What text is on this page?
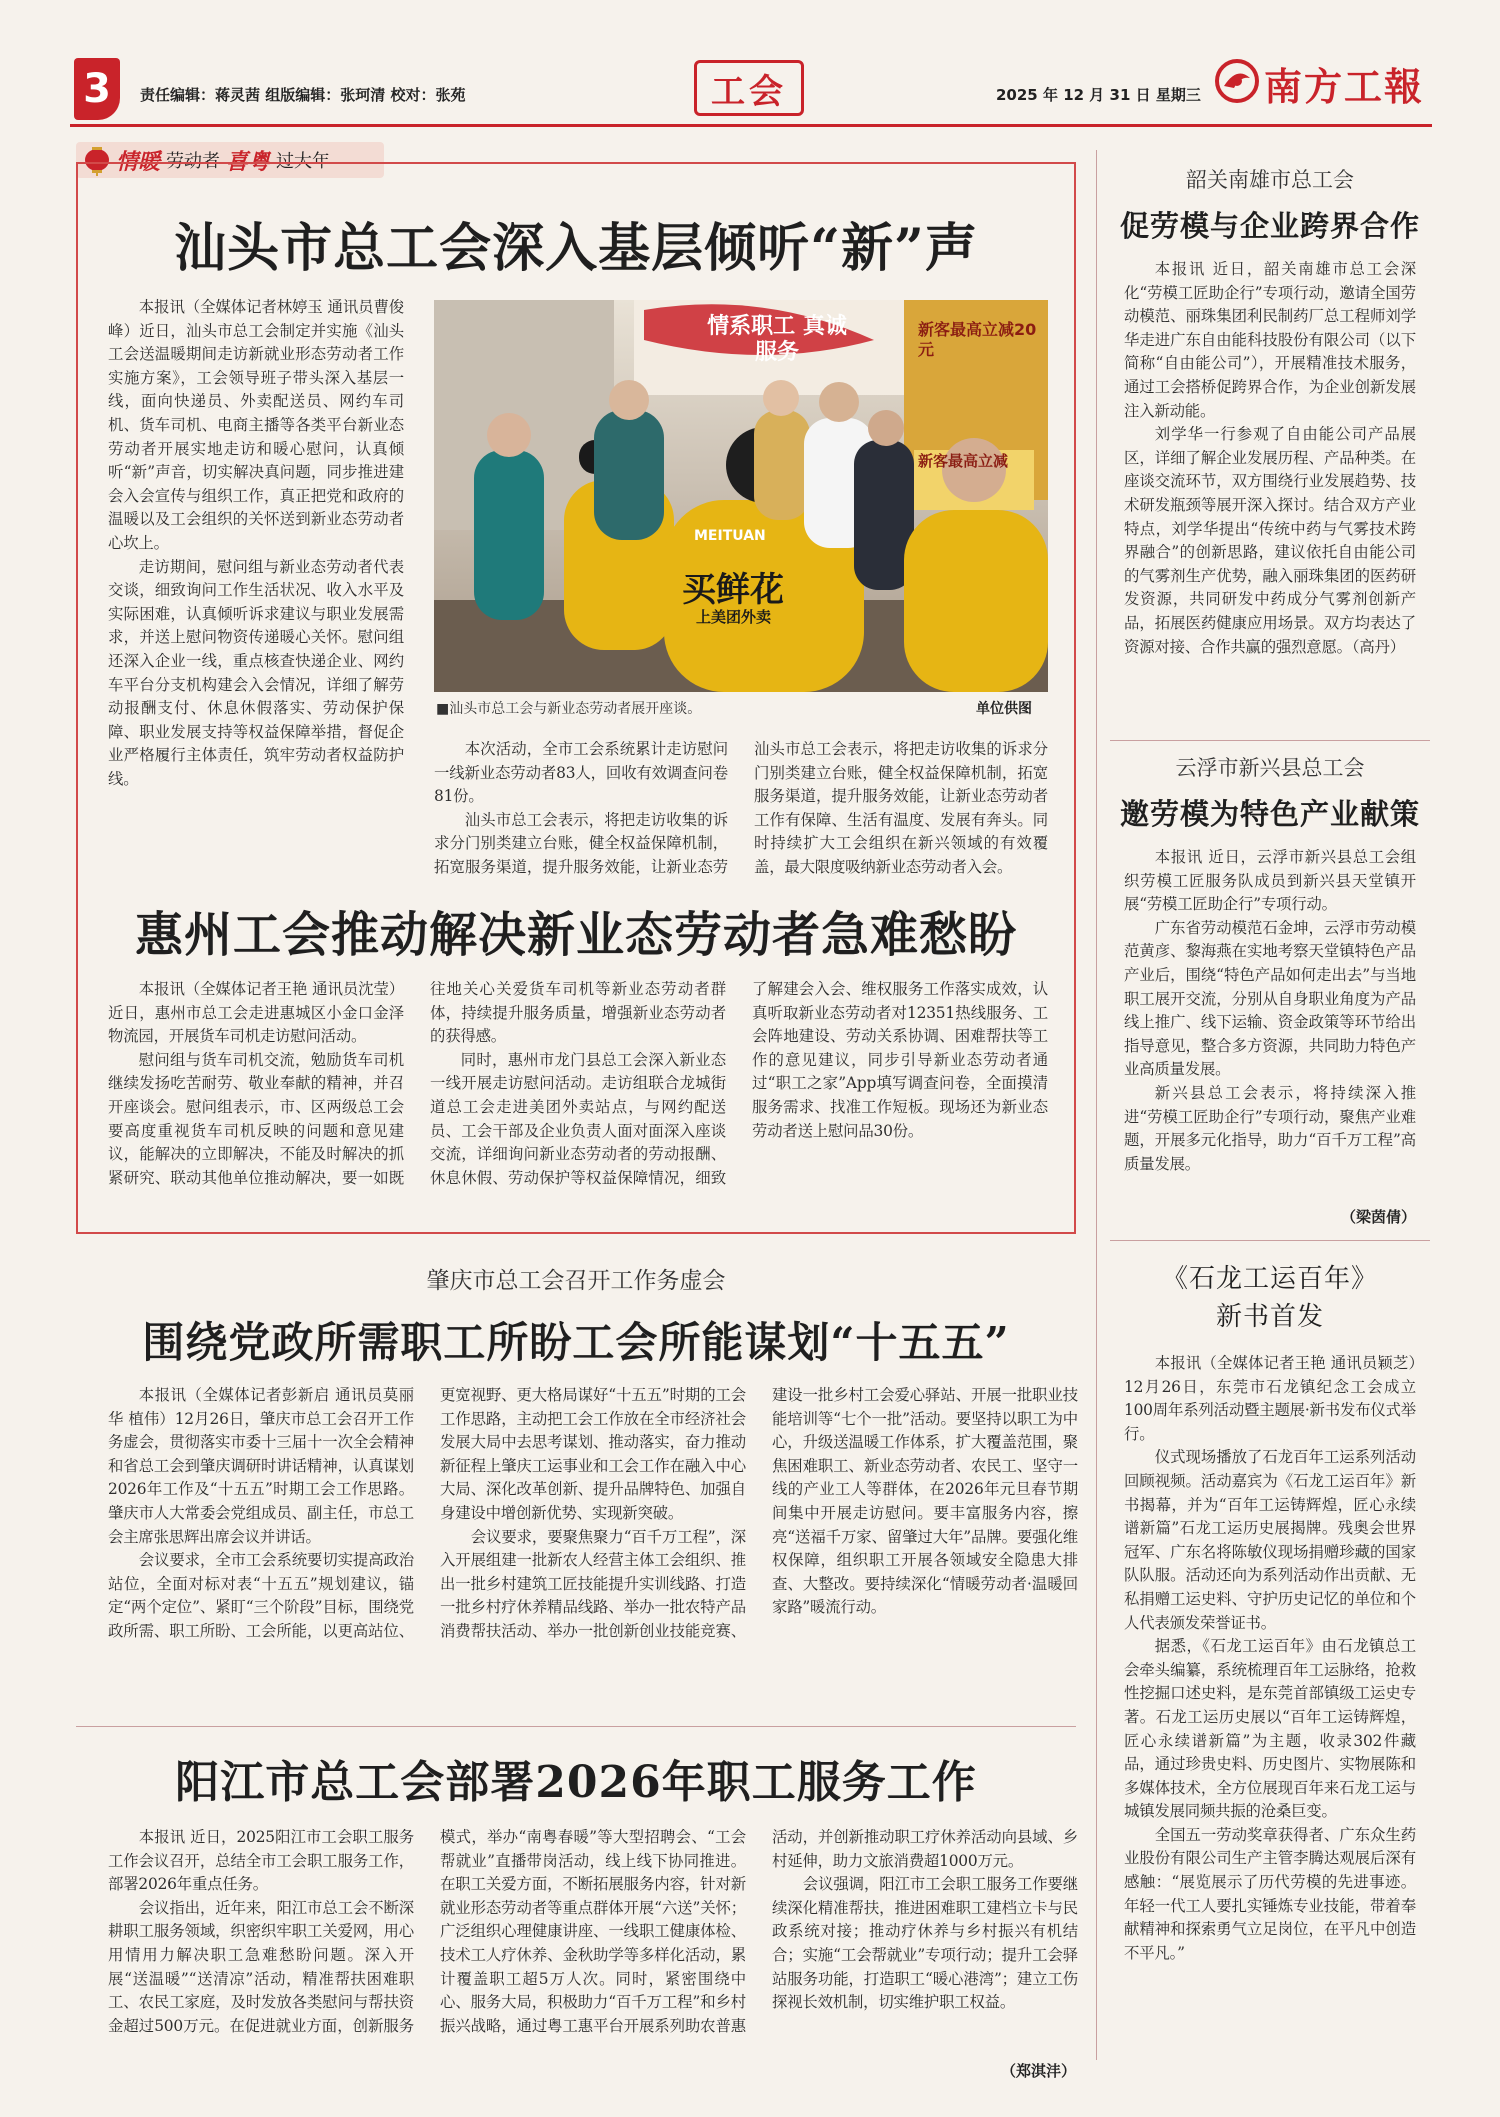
3 责任编辑：蒋灵茜 组版编辑：张珂清 校对：张苑	工会	2025 年 12 月 31 日 星期三 南方工報
情暖 劳动者 喜粤 过大年
汕头市总工会深入基层倾听“新”声

本报讯（全媒体记者林婷玉 通讯员曹俊峰）近日，汕头市总工会制定并实施《汕头工会送温暖期间走访新就业形态劳动者工作实施方案》，工会领导班子带头深入基层一线，面向快递员、外卖配送员、网约车司机、货车司机、电商主播等各类平台新业态劳动者开展实地走访和暖心慰问，认真倾听“新”声音，切实解决真问题，同步推进建会入会宣传与组织工作，真正把党和政府的温暖以及工会组织的关怀送到新业态劳动者心坎上。

走访期间，慰问组与新业态劳动者代表交谈，细致询问工作生活状况、收入水平及实际困难，认真倾听诉求建议与职业发展需求，并送上慰问物资传递暖心关怀。慰问组还深入企业一线，重点核查快递企业、网约车平台分支机构建会入会情况，详细了解劳动报酬支付、休息休假落实、劳动保护保障、职业发展支持等权益保障举措，督促企业严格履行主体责任，筑牢劳动者权益防护线。

情系职工 真诚服务
新客最高立减20元
新客最高立减
MEITUAN
买鲜花
上美团外卖
■汕头市总工会与新业态劳动者展开座谈。	单位供图

本次活动，全市工会系统累计走访慰问一线新业态劳动者83人，回收有效调查问卷81份。

汕头市总工会表示，将把走访收集的诉求分门别类建立台账，健全权益保障机制，拓宽服务渠道，提升服务效能，让新业态劳

汕头市总工会表示，将把走访收集的诉求分门别类建立台账，健全权益保障机制，拓宽服务渠道，提升服务效能，让新业态劳动者工作有保障、生活有温度、发展有奔头。同时持续扩大工会组织在新兴领域的有效覆盖，最大限度吸纳新业态劳动者入会。

惠州工会推动解决新业态劳动者急难愁盼

本报讯（全媒体记者王艳 通讯员沈莹）近日，惠州市总工会走进惠城区小金口金泽物流园，开展货车司机走访慰问活动。

慰问组与货车司机交流，勉励货车司机继续发扬吃苦耐劳、敬业奉献的精神，并召开座谈会。慰问组表示，市、区两级总工会要高度重视货车司机反映的问题和意见建议，能解决的立即解决，不能及时解决的抓紧研究、联动其他单位推动解决，要一如既往地关心关爱货车司机等新业态劳动者群体，持续提升服务质量，增强新业态劳动者的获得感。

同时，惠州市龙门县总工会深入新业态一线开展走访慰问活动。走访组联合龙城街道总工会走进美团外卖站点，与网约配送员、工会干部及企业负责人面对面深入座谈交流，详细询问新业态劳动者的劳动报酬、休息休假、劳动保护等权益保障情况，细致了解建会入会、维权服务工作落实成效，认真听取新业态劳动者对12351热线服务、工会阵地建设、劳动关系协调、困难帮扶等工作的意见建议，同步引导新业态劳动者通过“职工之家”App填写调查问卷，全面摸清服务需求、找准工作短板。现场还为新业态劳动者送上慰问品30份。

韶关南雄市总工会
促劳模与企业跨界合作

本报讯 近日，韶关南雄市总工会深化“劳模工匠助企行”专项行动，邀请全国劳动模范、丽珠集团利民制药厂总工程师刘学华走进广东自由能科技股份有限公司（以下简称“自由能公司”），开展精准技术服务，通过工会搭桥促跨界合作，为企业创新发展注入新动能。

刘学华一行参观了自由能公司产品展区，详细了解企业发展历程、产品种类。在座谈交流环节，双方围绕行业发展趋势、技术研发瓶颈等展开深入探讨。结合双方产业特点，刘学华提出“传统中药与气雾技术跨界融合”的创新思路，建议依托自由能公司的气雾剂生产优势，融入丽珠集团的医药研发资源，共同研发中药成分气雾剂创新产品，拓展医药健康应用场景。双方均表达了资源对接、合作共赢的强烈意愿。（高丹）

云浮市新兴县总工会
邀劳模为特色产业献策

本报讯 近日，云浮市新兴县总工会组织劳模工匠服务队成员到新兴县天堂镇开展“劳模工匠助企行”专项行动。

广东省劳动模范石金坤，云浮市劳动模范黄彦、黎海燕在实地考察天堂镇特色产品产业后，围绕“特色产品如何走出去”与当地职工展开交流，分别从自身职业角度为产品线上推广、线下运输、资金政策等环节给出指导意见，整合多方资源，共同助力特色产业高质量发展。

新兴县总工会表示，将持续深入推进“劳模工匠助企行”专项行动，聚焦产业难题，开展多元化指导，助力“百千万工程”高质量发展。

（梁茵倩）
《石龙工运百年》
新书首发

本报讯（全媒体记者王艳 通讯员颖芝）12月26日，东莞市石龙镇纪念工会成立100周年系列活动暨主题展·新书发布仪式举行。

仪式现场播放了石龙百年工运系列活动回顾视频。活动嘉宾为《石龙工运百年》新书揭幕，并为“百年工运铸辉煌，匠心永续谱新篇”石龙工运历史展揭牌。残奥会世界冠军、广东名将陈敏仪现场捐赠珍藏的国家队队服。活动还向为系列活动作出贡献、无私捐赠工运史料、守护历史记忆的单位和个人代表颁发荣誉证书。

据悉，《石龙工运百年》由石龙镇总工会牵头编纂，系统梳理百年工运脉络，抢救性挖掘口述史料，是东莞首部镇级工运史专著。石龙工运历史展以“百年工运铸辉煌，匠心永续谱新篇”为主题，收录302件藏品，通过珍贵史料、历史图片、实物展陈和多媒体技术，全方位展现百年来石龙工运与城镇发展同频共振的沧桑巨变。

全国五一劳动奖章获得者、广东众生药业股份有限公司生产主管李腾达观展后深有感触：“展览展示了历代劳模的先进事迹。年轻一代工人要扎实锤炼专业技能，带着奉献精神和探索勇气立足岗位，在平凡中创造不平凡。”

肇庆市总工会召开工作务虚会
围绕党政所需职工所盼工会所能谋划“十五五”

本报讯（全媒体记者彭新启 通讯员莫丽华 植伟）12月26日，肇庆市总工会召开工作务虚会，贯彻落实市委十三届十一次全会精神和省总工会到肇庆调研时讲话精神，认真谋划2026年工作及“十五五”时期工会工作思路。肇庆市人大常委会党组成员、副主任，市总工会主席张思辉出席会议并讲话。

会议要求，全市工会系统要切实提高政治站位，全面对标对表“十五五”规划建议，锚定“两个定位”、紧盯“三个阶段”目标，围绕党政所需、职工所盼、工会所能，以更高站位、更宽视野、更大格局谋好“十五五”时期的工会工作思路，主动把工会工作放在全市经济社会发展大局中去思考谋划、推动落实，奋力推动新征程上肇庆工运事业和工会工作在融入中心大局、深化改革创新、提升品牌特色、加强自身建设中增创新优势、实现新突破。

会议要求，要聚焦聚力“百千万工程”，深入开展组建一批新农人经营主体工会组织、推出一批乡村建筑工匠技能提升实训线路、打造一批乡村疗休养精品线路、举办一批农特产品消费帮扶活动、举办一批创新创业技能竞赛、建设一批乡村工会爱心驿站、开展一批职业技能培训等“七个一批”活动。要坚持以职工为中心，升级送温暖工作体系，扩大覆盖范围，聚焦困难职工、新业态劳动者、农民工、坚守一线的产业工人等群体，在2026年元旦春节期间集中开展走访慰问。要丰富服务内容，擦亮“送福千万家、留肇过大年”品牌。要强化维权保障，组织职工开展各领域安全隐患大排查、大整改。要持续深化“情暖劳动者·温暖回家路”暖流行动。

阳江市总工会部署2026年职工服务工作

本报讯 近日，2025阳江市工会职工服务工作会议召开，总结全市工会职工服务工作，部署2026年重点任务。

会议指出，近年来，阳江市总工会不断深耕职工服务领域，织密织牢职工关爱网，用心用情用力解决职工急难愁盼问题。深入开展“送温暖”“送清凉”活动，精准帮扶困难职工、农民工家庭，及时发放各类慰问与帮扶资金超过500万元。在促进就业方面，创新服务模式，举办“南粤春暖”等大型招聘会、“工会帮就业”直播带岗活动，线上线下协同推进。在职工关爱方面，不断拓展服务内容，针对新就业形态劳动者等重点群体开展“六送”关怀；广泛组织心理健康讲座、一线职工健康体检、技术工人疗休养、金秋助学等多样化活动，累计覆盖职工超5万人次。同时，紧密围绕中心、服务大局，积极助力“百千万工程”和乡村振兴战略，通过粤工惠平台开展系列助农普惠活动，并创新推动职工疗休养活动向县域、乡村延伸，助力文旅消费超1000万元。

会议强调，阳江市工会职工服务工作要继续深化精准帮扶，推进困难职工建档立卡与民政系统对接；推动疗休养与乡村振兴有机结合；实施“工会帮就业”专项行动；提升工会驿站服务功能，打造职工“暖心港湾”；建立工伤探视长效机制，切实维护职工权益。

（郑淇沣）
